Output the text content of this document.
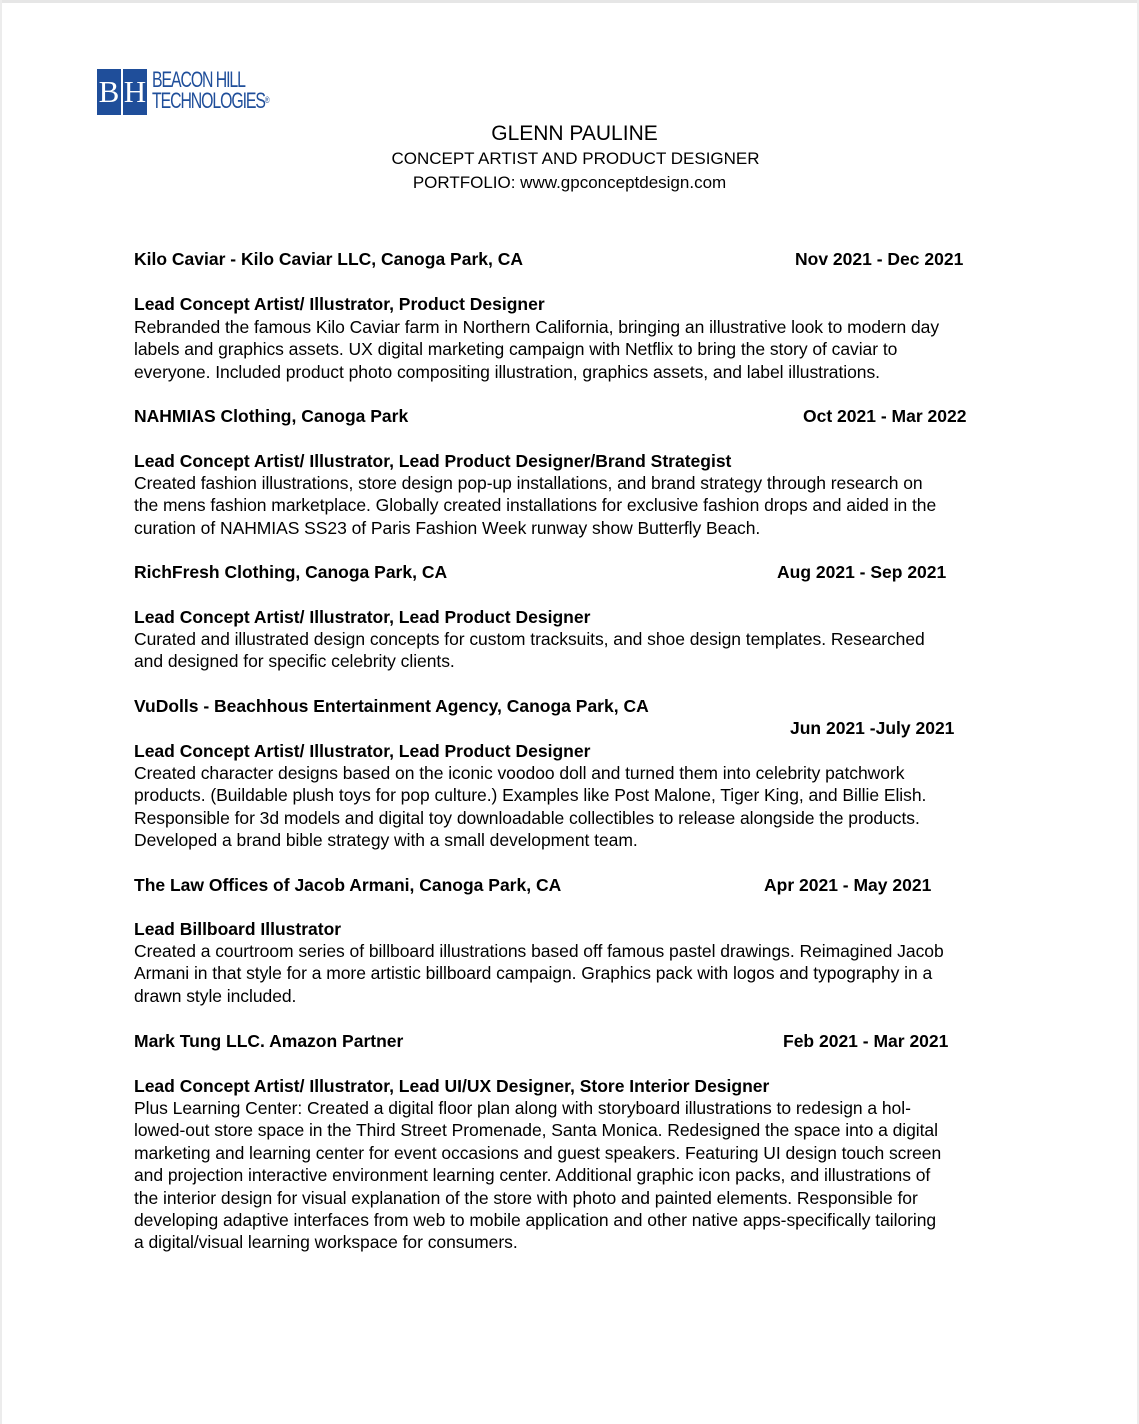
B H BEACON HILL
TECHNOLOGIES®
GLENN PAULINE
CONCEPT ARTIST AND PRODUCT DESIGNER
PORTFOLIO: www.gpconceptdesign.com
Kilo Caviar - Kilo Caviar LLC, Canoga Park, CA	Nov 2021 - Dec 2021
Lead Concept Artist/ Illustrator, Product Designer
Rebranded the famous Kilo Caviar farm in Northern California, bringing an illustrative look to modern day
labels and graphics assets. UX digital marketing campaign with Netflix to bring the story of caviar to
everyone. Included product photo compositing illustration, graphics assets, and label illustrations.
NAHMIAS Clothing, Canoga Park	Oct 2021 - Mar 2022
Lead Concept Artist/ Illustrator, Lead Product Designer/Brand Strategist
Created fashion illustrations, store design pop-up installations, and brand strategy through research on
the mens fashion marketplace. Globally created installations for exclusive fashion drops and aided in the
curation of NAHMIAS SS23 of Paris Fashion Week runway show Butterfly Beach.
RichFresh Clothing, Canoga Park, CA	Aug 2021 - Sep 2021
Lead Concept Artist/ Illustrator, Lead Product Designer
Curated and illustrated design concepts for custom tracksuits, and shoe design templates. Researched
and designed for specific celebrity clients.
VuDolls - Beachhous Entertainment Agency, Canoga Park, CA
Jun 2021 -July 2021
Lead Concept Artist/ Illustrator, Lead Product Designer
Created character designs based on the iconic voodoo doll and turned them into celebrity patchwork
products. (Buildable plush toys for pop culture.) Examples like Post Malone, Tiger King, and Billie Elish.
Responsible for 3d models and digital toy downloadable collectibles to release alongside the products.
Developed a brand bible strategy with a small development team.
The Law Offices of Jacob Armani, Canoga Park, CA	Apr 2021 - May 2021
Lead Billboard Illustrator
Created a courtroom series of billboard illustrations based off famous pastel drawings. Reimagined Jacob
Armani in that style for a more artistic billboard campaign. Graphics pack with logos and typography in a
drawn style included.
Mark Tung LLC. Amazon Partner	Feb 2021 - Mar 2021
Lead Concept Artist/ Illustrator, Lead UI/UX Designer, Store Interior Designer
Plus Learning Center: Created a digital floor plan along with storyboard illustrations to redesign a hol-
lowed-out store space in the Third Street Promenade, Santa Monica. Redesigned the space into a digital
marketing and learning center for event occasions and guest speakers. Featuring UI design touch screen
and projection interactive environment learning center. Additional graphic icon packs, and illustrations of
the interior design for visual explanation of the store with photo and painted elements. Responsible for
developing adaptive interfaces from web to mobile application and other native apps-specifically tailoring
a digital/visual learning workspace for consumers.
